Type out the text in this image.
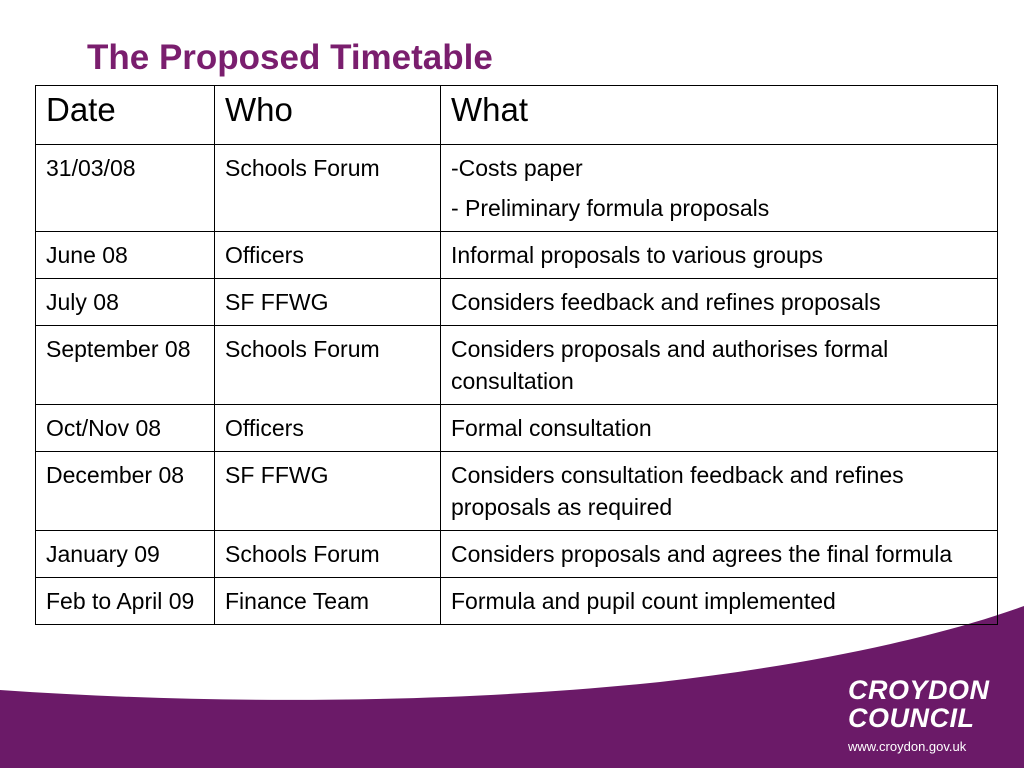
The Proposed Timetable
Date	Who	What
31/03/08	Schools Forum	-Costs paper
- Preliminary formula proposals

June 08	Officers	Informal proposals to various groups
July 08	SF FFWG	Considers feedback and refines proposals
September 08	Schools Forum	Considers proposals and authorises formal consultation
Oct/Nov 08	Officers	Formal consultation
December 08	SF FFWG	Considers consultation feedback and refines proposals as required
January 09	Schools Forum	Considers proposals and agrees the final formula
Feb to April 09	Finance Team	Formula and pupil count implemented
CROYDON
COUNCIL
www.croydon.gov.uk
